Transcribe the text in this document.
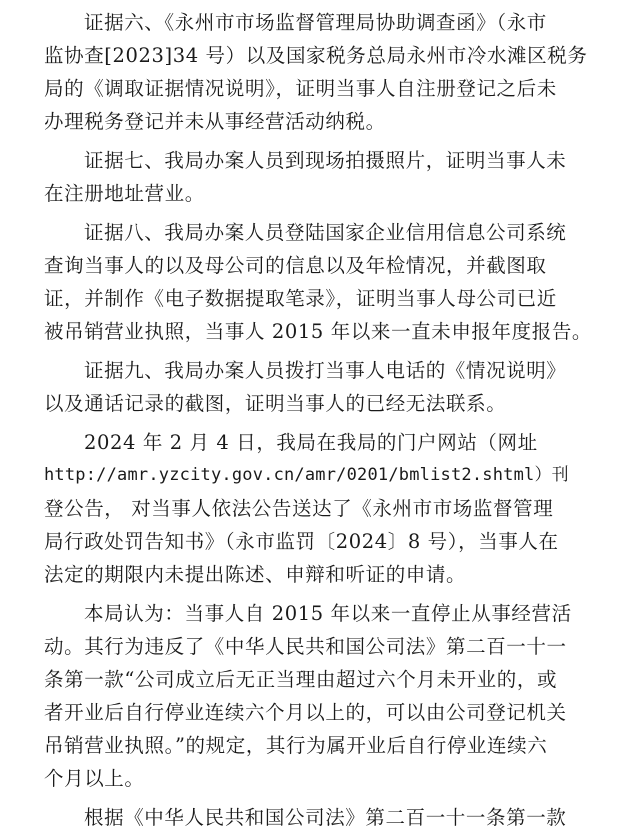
证据六、《永州市市场监督管理局协助调查函》（永市
监协查[2023]34 号）以及国家税务总局永州市冷水滩区税务
局的《调取证据情况说明》，证明当事人自注册登记之后未
办理税务登记并未从事经营活动纳税。
证据七、我局办案人员到现场拍摄照片，证明当事人未
在注册地址营业。
证据八、我局办案人员登陆国家企业信用信息公司系统
查询当事人的以及母公司的信息以及年检情况，并截图取
证，并制作《电子数据提取笔录》，证明当事人母公司已近
被吊销营业执照，当事人 2015 年以来一直未申报年度报告。
证据九、我局办案人员拨打当事人电话的《情况说明》
以及通话记录的截图，证明当事人的已经无法联系。
2024 年 2 月 4 日，我局在我局的门户网站（网址
http://amr.yzcity.gov.cn/amr/0201/bmlist2.shtml）刊
登公告， 对当事人依法公告送达了《永州市市场监督管理
局行政处罚告知书》（永市监罚〔2024〕8 号），当事人在
法定的期限内未提出陈述、申辩和听证的申请。
本局认为：当事人自 2015 年以来一直停止从事经营活
动。其行为违反了《中华人民共和国公司法》第二百一十一
条第一款“公司成立后无正当理由超过六个月未开业的，或
者开业后自行停业连续六个月以上的，可以由公司登记机关
吊销营业执照。”的规定，其行为属开业后自行停业连续六
个月以上。
根据《中华人民共和国公司法》第二百一十一条第一款
